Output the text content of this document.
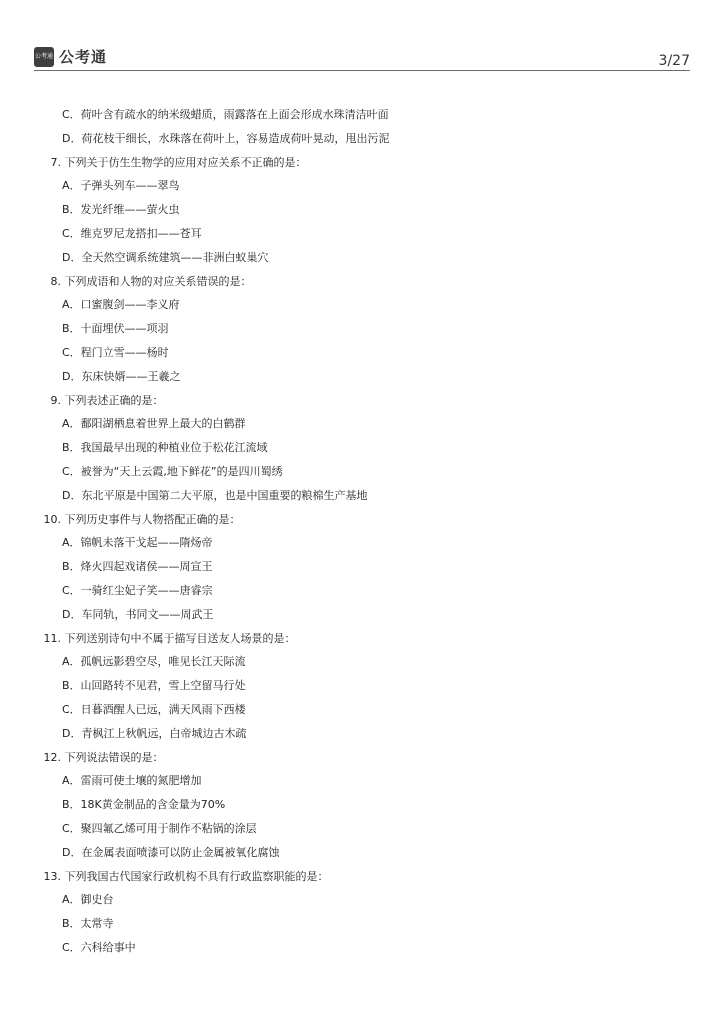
公考通 公考通	3/27
C．荷叶含有疏水的纳米级蜡质，雨露落在上面会形成水珠清洁叶面
D．荷花枝干细长，水珠落在荷叶上，容易造成荷叶晃动，甩出污泥
7. 下列关于仿生生物学的应用对应关系不正确的是：
A．子弹头列车——翠鸟
B．发光纤维——萤火虫
C．维克罗尼龙搭扣——苍耳
D．全天然空调系统建筑——非洲白蚁巢穴
8. 下列成语和人物的对应关系错误的是：
A．口蜜腹剑——李义府
B．十面埋伏——项羽
C．程门立雪——杨时
D．东床快婿——王羲之
9. 下列表述正确的是：
A．鄱阳湖栖息着世界上最大的白鹤群
B．我国最早出现的种植业位于松花江流域
C．被誉为“天上云霞,地下鲜花”的是四川蜀绣
D．东北平原是中国第二大平原，也是中国重要的粮棉生产基地
10. 下列历史事件与人物搭配正确的是：
A．锦帆未落干戈起——隋炀帝
B．烽火四起戏诸侯——周宣王
C．一骑红尘妃子笑——唐睿宗
D．车同轨，书同文——周武王
11. 下列送别诗句中不属于描写目送友人场景的是：
A．孤帆远影碧空尽，唯见长江天际流
B．山回路转不见君，雪上空留马行处
C．日暮酒醒人已远，满天风雨下西楼
D．青枫江上秋帆远，白帝城边古木疏
12. 下列说法错误的是：
A．雷雨可使土壤的氮肥增加
B．18K黄金制品的含金量为70%
C．聚四氟乙烯可用于制作不粘锅的涂层
D．在金属表面喷漆可以防止金属被氧化腐蚀
13. 下列我国古代国家行政机构不具有行政监察职能的是：
A．御史台
B．太常寺
C．六科给事中
